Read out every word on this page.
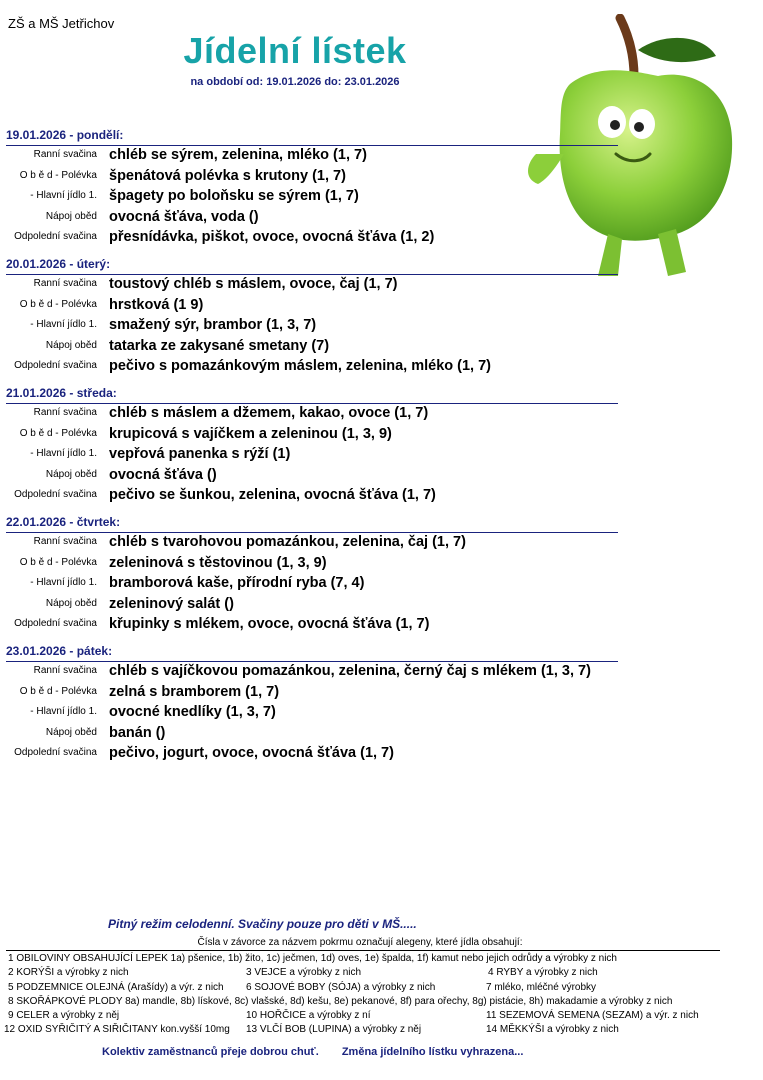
ZŠ a MŠ Jetřichov
Jídelní lístek
na období od: 19.01.2026 do: 23.01.2026
19.01.2026 - pondělí:
Ranní svačina chléb se sýrem, zelenina, mléko (1, 7)
O b ě d - Polévka špenátová polévka s krutony (1, 7)
- Hlavní jídlo 1. špagety po boloňsku se sýrem (1, 7)
Nápoj oběd ovocná šťáva, voda ()
Odpolední svačina přesnídávka, piškot, ovoce, ovocná šťáva (1, 2)
20.01.2026 - úterý:
Ranní svačina toustový chléb s máslem, ovoce, čaj (1, 7)
O b ě d - Polévka hrstková (1 9)
- Hlavní jídlo 1. smažený sýr, brambor (1, 3, 7)
Nápoj oběd tatarka ze zakysané smetany (7)
Odpolední svačina pečivo s pomazánkovým máslem, zelenina, mléko (1, 7)
21.01.2026 - středa:
Ranní svačina chléb s máslem a džemem, kakao, ovoce (1, 7)
O b ě d - Polévka krupicová s vajíčkem a zeleninou (1, 3, 9)
- Hlavní jídlo 1. vepřová panenka s rýží (1)
Nápoj oběd ovocná šťáva ()
Odpolední svačina pečivo se šunkou, zelenina, ovocná šťáva (1, 7)
22.01.2026 - čtvrtek:
Ranní svačina chléb s tvarohovou pomazánkou, zelenina, čaj (1, 7)
O b ě d - Polévka zeleninová s těstovinou (1, 3, 9)
- Hlavní jídlo 1. bramborová kaše, přírodní ryba (7, 4)
Nápoj oběd zeleninový salát ()
Odpolední svačina křupinky s mlékem, ovoce, ovocná šťáva (1, 7)
23.01.2026 - pátek:
Ranní svačina chléb s vajíčkovou pomazánkou, zelenina, černý čaj s mlékem (1, 3, 7)
O b ě d - Polévka zelná s bramborem (1, 7)
- Hlavní jídlo 1. ovocné knedlíky (1, 3, 7)
Nápoj oběd banán ()
Odpolední svačina pečivo, jogurt, ovoce, ovocná šťáva (1, 7)
Pitný režim celodenní. Svačiny pouze pro děti v MŠ.....
Čísla v závorce za názvem pokrmu označují alegeny, které jídla obsahují:
1 OBILOVINY OBSAHUJÍCÍ LEPEK 1a) pšenice, 1b) žito, 1c) ječmen, 1d) oves, 1e) špalda, 1f) kamut nebo jejich odrůdy a výrobky z nich
2 KORÝŠI a výrobky z nich	3 VEJCE a výrobky z nich	4 RYBY a výrobky z nich
5 PODZEMNICE OLEJNÁ (Arašídy) a výr. z nich 6 SOJOVÉ BOBY (SÓJA) a výrobky z nich	7 mléko, mléčné výrobky
8 SKOŘÁPKOVÉ PLODY 8a) mandle, 8b) lískové, 8c) vlašské, 8d) kešu, 8e) pekanové, 8f) para ořechy, 8g) pistácie, 8h) makadamie a výrobky z nich
9 CELER a výrobky z něj	10 HOŘČICE a výrobky z ní	11 SEZEMOVÁ SEMENA (SEZAM) a výr. z nich
12 OXID SYŘIČITÝ A SIŘIČITANY kon.vyšší 10mg 13 VLČÍ BOB (LUPINA) a výrobky z něj	14 MĚKKÝŠI a výrobky z nich
Kolektiv zaměstnanců přeje dobrou chuť. Změna jídelního lístku vyhrazena...
